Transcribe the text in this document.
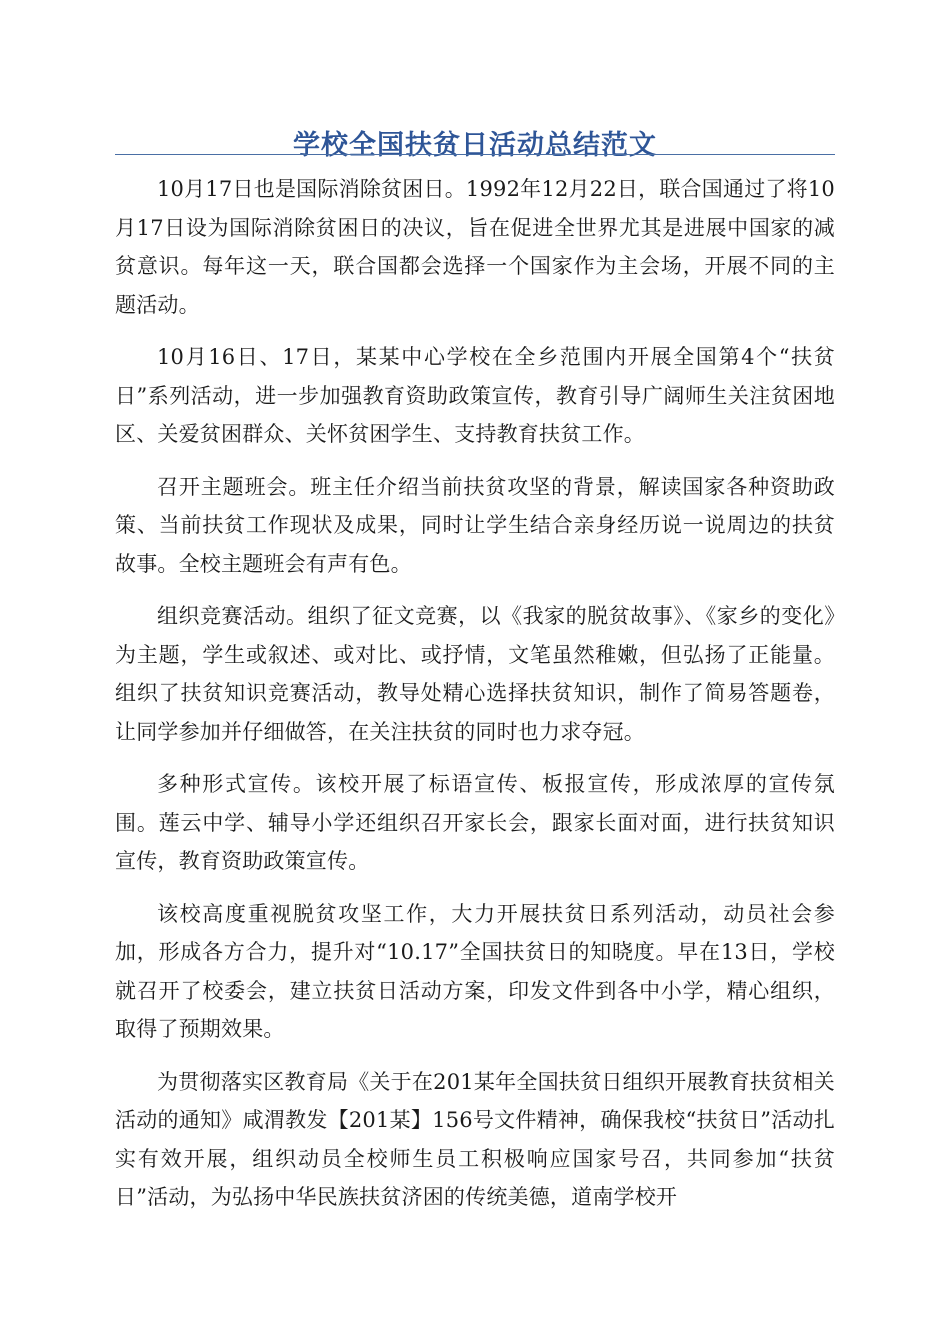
学校全国扶贫日活动总结范文

10月17日也是国际消除贫困日。1992年12月22日，联合国通过了将10月17日设为国际消除贫困日的决议，旨在促进全世界尤其是进展中国家的减贫意识。每年这一天，联合国都会选择一个国家作为主会场，开展不同的主题活动。

10月16日、17日，某某中心学校在全乡范围内开展全国第4个“扶贫日”系列活动，进一步加强教育资助政策宣传，教育引导广阔师生关注贫困地区、关爱贫困群众、关怀贫困学生、支持教育扶贫工作。

召开主题班会。班主任介绍当前扶贫攻坚的背景，解读国家各种资助政策、当前扶贫工作现状及成果，同时让学生结合亲身经历说一说周边的扶贫故事。全校主题班会有声有色。

组织竞赛活动。组织了征文竞赛，以《我家的脱贫故事》、《家乡的变化》为主题，学生或叙述、或对比、或抒情，文笔虽然稚嫩，但弘扬了正能量。组织了扶贫知识竞赛活动，教导处精心选择扶贫知识，制作了简易答题卷，让同学参加并仔细做答，在关注扶贫的同时也力求夺冠。

多种形式宣传。该校开展了标语宣传、板报宣传，形成浓厚的宣传氛围。莲云中学、辅导小学还组织召开家长会，跟家长面对面，进行扶贫知识宣传，教育资助政策宣传。

该校高度重视脱贫攻坚工作，大力开展扶贫日系列活动，动员社会参加，形成各方合力，提升对“10.17”全国扶贫日的知晓度。早在13日，学校就召开了校委会，建立扶贫日活动方案，印发文件到各中小学，精心组织，取得了预期效果。

为贯彻落实区教育局《关于在201某年全国扶贫日组织开展教育扶贫相关活动的通知》咸渭教发【201某】156号文件精神，确保我校“扶贫日”活动扎实有效开展，组织动员全校师生员工积极响应国家号召，共同参加“扶贫日”活动，为弘扬中华民族扶贫济困的传统美德，道南学校开
